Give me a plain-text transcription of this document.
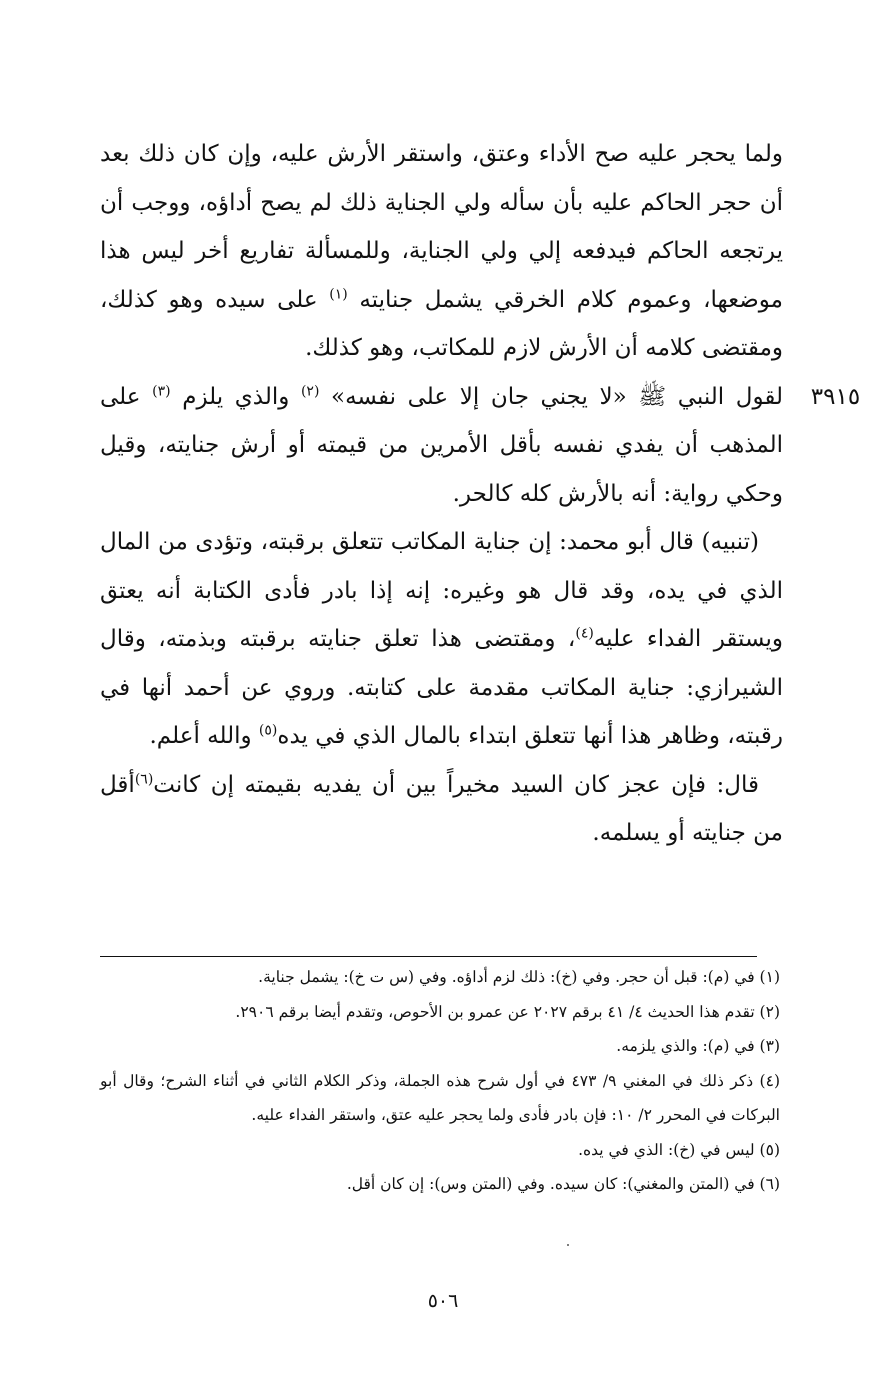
ولما يحجر عليه صح الأداء وعتق، واستقر الأرش عليه، وإن كان ذلك بعد أن حجر الحاكم عليه بأن سأله ولي الجناية ذلك لم يصح أداؤه، ووجب أن يرتجعه الحاكم فيدفعه إلي ولي الجناية، وللمسألة تفاريع أخر ليس هذا موضعها، وعموم كلام الخرقي يشمل جنايته $^{(١)}$ على سيده وهو كذلك، ومقتضى كلامه أن الأرش لازم للمكاتب، وهو كذلك.

٣٩١٥
لقول النبي ﷺ «لا يجني جان إلا على نفسه» $^{(٢)}$ والذي يلزم $^{(٣)}$ على المذهب أن يفدي نفسه بأقل الأمرين من قيمته أو أرش جنايته، وقيل وحكي رواية: أنه بالأرش كله كالحر.

(تنبيه) قال أبو محمد: إن جناية المكاتب تتعلق برقبته، وتؤدى من المال الذي في يده، وقد قال هو وغيره: إنه إذا بادر فأدى الكتابة أنه يعتق ويستقر الفداء عليه$^{(٤)}$، ومقتضى هذا تعلق جنايته برقبته وبذمته، وقال الشيرازي: جناية المكاتب مقدمة على كتابته. وروي عن أحمد أنها في رقبته، وظاهر هذا أنها تتعلق ابتداء بالمال الذي في يده$^{(٥)}$ والله أعلم.

قال: فإن عجز كان السيد مخيراً بين أن يفديه بقيمته إن كانت$^{(٦)}$أقل من جنايته أو يسلمه.

(١) في (م): قبل أن حجر. وفي (خ): ذلك لزم أداؤه. وفي (س ت خ): يشمل جناية.

(٢) تقدم هذا الحديث ٤/ ٤١ برقم ٢٠٢٧ عن عمرو بن الأحوص، وتقدم أيضا برقم ٢٩٠٦.

(٣) في (م): والذي يلزمه.

(٤) ذكر ذلك في المغني ٩/ ٤٧٣ في أول شرح هذه الجملة، وذكر الكلام الثاني في أثناء الشرح؛ وقال أبو البركات في المحرر ٢/ ١٠: فإن بادر فأدى ولما يحجر عليه عتق، واستقر الفداء عليه.

(٥) ليس في (خ): الذي في يده.

(٦) في (المتن والمغني): كان سيده. وفي (المتن وس): إن كان أقل.

٥٠٦
